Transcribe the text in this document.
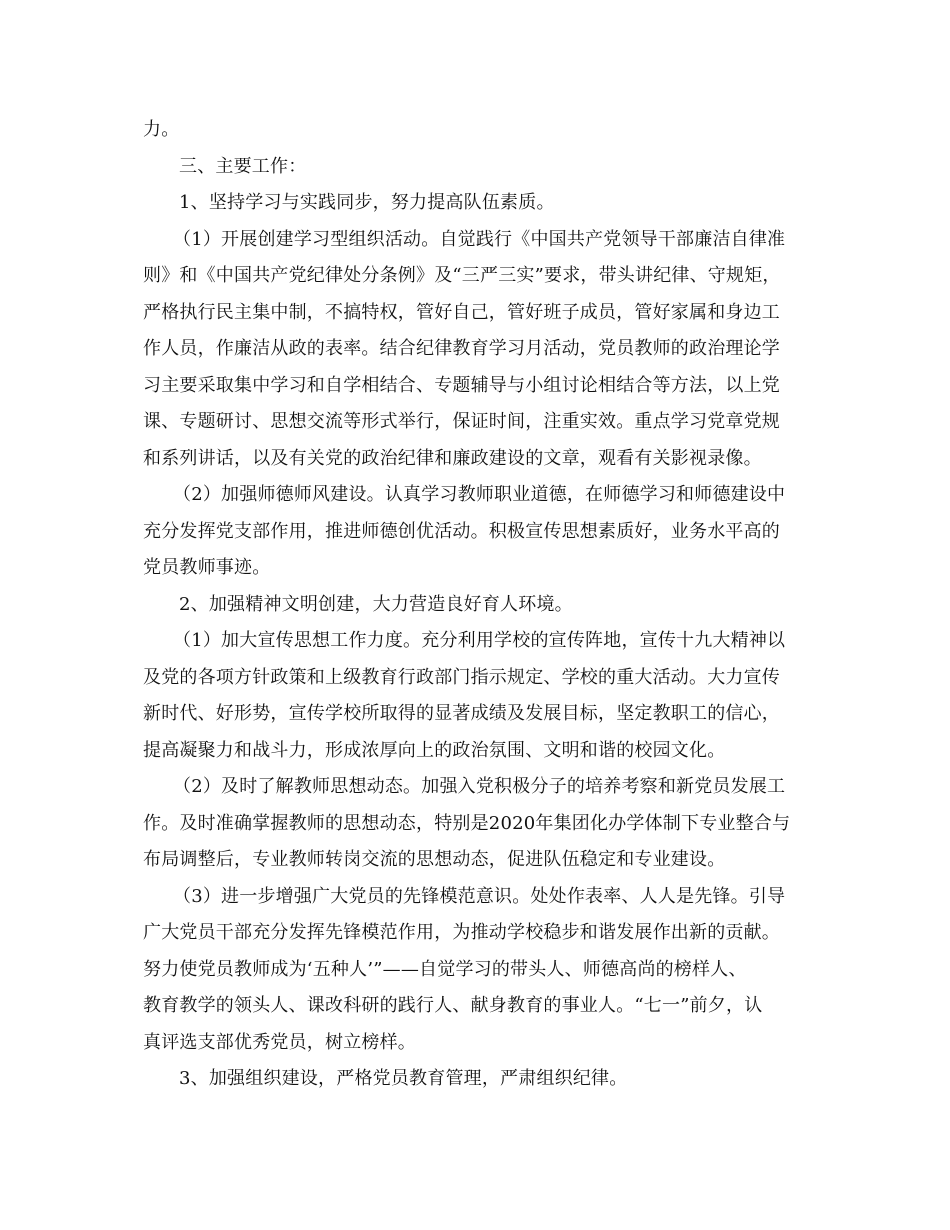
力。
三、主要工作：
1、坚持学习与实践同步，努力提高队伍素质。
（1）开展创建学习型组织活动。自觉践行《中国共产党领导干部廉洁自律准
则》和《中国共产党纪律处分条例》及“三严三实”要求，带头讲纪律、守规矩，
严格执行民主集中制，不搞特权，管好自己，管好班子成员，管好家属和身边工
作人员，作廉洁从政的表率。结合纪律教育学习月活动，党员教师的政治理论学
习主要采取集中学习和自学相结合、专题辅导与小组讨论相结合等方法，以上党
课、专题研讨、思想交流等形式举行，保证时间，注重实效。重点学习党章党规
和系列讲话，以及有关党的政治纪律和廉政建设的文章，观看有关影视录像。
（2）加强师德师风建设。认真学习教师职业道德，在师德学习和师德建设中
充分发挥党支部作用，推进师德创优活动。积极宣传思想素质好，业务水平高的
党员教师事迹。
2、加强精神文明创建，大力营造良好育人环境。
（1）加大宣传思想工作力度。充分利用学校的宣传阵地，宣传十九大精神以
及党的各项方针政策和上级教育行政部门指示规定、学校的重大活动。大力宣传
新时代、好形势，宣传学校所取得的显著成绩及发展目标，坚定教职工的信心，
提高凝聚力和战斗力，形成浓厚向上的政治氛围、文明和谐的校园文化。
（2）及时了解教师思想动态。加强入党积极分子的培养考察和新党员发展工
作。及时准确掌握教师的思想动态，特别是2020年集团化办学体制下专业整合与
布局调整后，专业教师转岗交流的思想动态，促进队伍稳定和专业建设。
（3）进一步增强广大党员的先锋模范意识。处处作表率、人人是先锋。引导
广大党员干部充分发挥先锋模范作用，为推动学校稳步和谐发展作出新的贡献。
努力使党员教师成为‘五种人’”——自觉学习的带头人、师德高尚的榜样人、
教育教学的领头人、课改科研的践行人、献身教育的事业人。“七一”前夕，认
真评选支部优秀党员，树立榜样。
3、加强组织建设，严格党员教育管理，严肃组织纪律。
